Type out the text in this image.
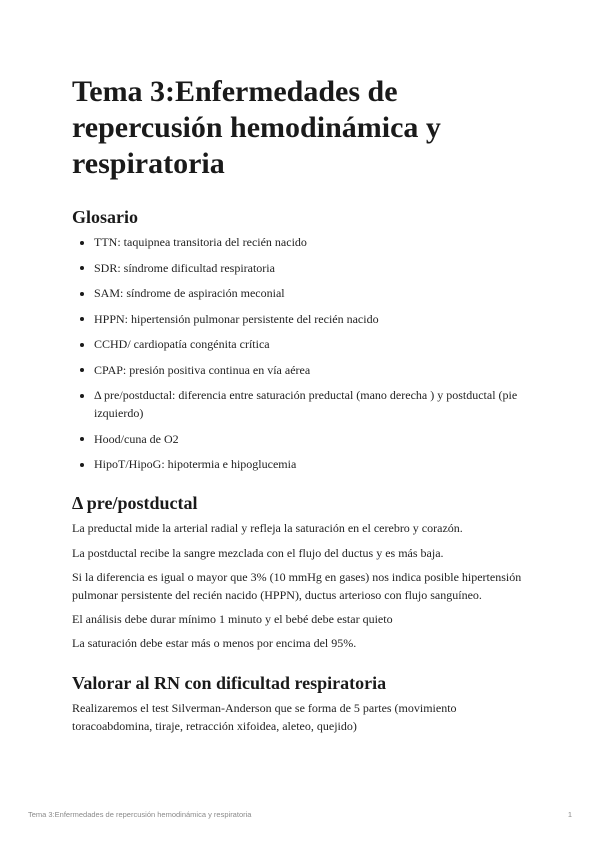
Tema 3:Enfermedades de repercusión hemodinámica y respiratoria
Glosario
TTN: taquipnea transitoria del recién nacido
SDR: síndrome dificultad respiratoria
SAM: síndrome de aspiración meconial
HPPN: hipertensión pulmonar persistente del recién nacido
CCHD/ cardiopatía congénita crítica
CPAP: presión positiva continua en vía aérea
Δ pre/postductal: diferencia entre saturación preductal (mano derecha ) y postductal (pie izquierdo)
Hood/cuna de O2
HipoT/HipoG: hipotermia e hipoglucemia
Δ pre/postductal

La preductal mide la arterial radial y refleja la saturación en el cerebro y corazón.

La postductal recibe la sangre mezclada con el flujo del ductus y es más baja.

Si la diferencia es igual o mayor que 3% (10 mmHg en gases) nos indica posible hipertensión pulmonar persistente del recién nacido (HPPN), ductus arterioso con flujo sanguíneo.

El análisis debe durar mínimo 1 minuto y el bebé debe estar quieto

La saturación debe estar más o menos por encima del 95%.

Valorar al RN con dificultad respiratoria

Realizaremos el test Silverman-Anderson que se forma de 5 partes (movimiento toracoabdomina, tiraje, retracción xifoidea, aleteo, quejido)

Tema 3:Enfermedades de repercusión hemodinámica y respiratoria	1
